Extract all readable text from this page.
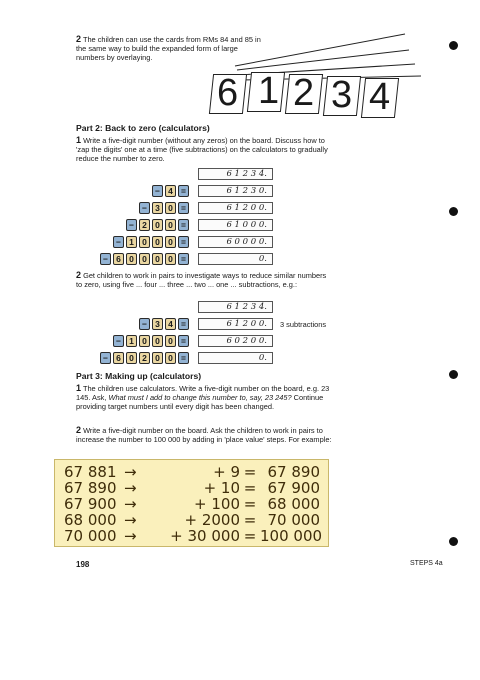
2 The children can use the cards from RMs 84 and 85 in the same way to build the expanded form of large numbers by overlaying.
6 1 2 3 4
Part 2: Back to zero (calculators)
1 Write a five-digit number (without any zeros) on the board. Discuss how to 'zap the digits' one at a time (five subtractions) on the calculators to gradually reduce the number to zero.
6 1 2 3 4.
− 4 =	6 1 2 3 0.
− 3 0 =	6 1 2 0 0.
− 2 0 0 =	6 1 0 0 0.
− 1 0 0 0 =	6 0 0 0 0.
− 6 0 0 0 0 =	0.
2 Get children to work in pairs to investigate ways to reduce similar numbers to zero, using five ... four ... three ... two ... one ... subtractions, e.g.:
6 1 2 3 4.
− 3 4 =	6 1 2 0 0.
− 1 0 0 0 =	6 0 2 0 0.
− 6 0 2 0 0 =	0.
3 subtractions
Part 3: Making up (calculators)
1 The children use calculators. Write a five-digit number on the board, e.g. 23 145. Ask, What must I add to change this number to, say, 23 245? Continue providing target numbers until every digit has been changed.
2 Write a five-digit number on the board. Ask the children to work in pairs to increase the number to 100 000 by adding in 'place value' steps. For example:
67 881 →	+ 9 = 67 890
67 890 →	+ 10 = 67 900
67 900 →	+ 100 = 68 000
68 000 →	+ 2000 = 70 000
70 000 →	+ 30 000 = 100 000
198	STEPS 4a
